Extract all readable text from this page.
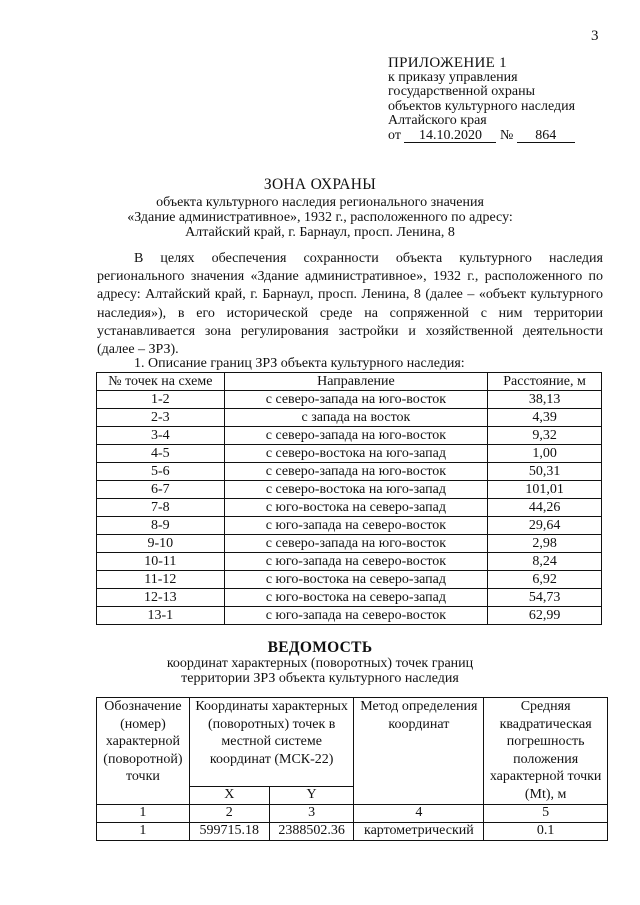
3
ПРИЛОЖЕНИЕ 1
к приказу управления
государственной охраны
объектов культурного наследия
Алтайского края
от 14.10.2020 № 864
ЗОНА ОХРАНЫ
объекта культурного наследия регионального значения
«Здание административное», 1932 г., расположенного по адресу:
Алтайский край, г. Барнаул, просп. Ленина, 8

В целях обеспечения сохранности объекта культурного наследия регионального значения «Здание административное», 1932 г., расположенного по адресу: Алтайский край, г. Барнаул, просп. Ленина, 8 (далее – «объект культурного наследия»), в его исторической среде на сопряженной с ним территории устанавливается зона регулирования застройки и хозяйственной деятельности (далее – ЗРЗ).

1. Описание границ ЗРЗ объекта культурного наследия:
№ точек на схеме	Направление	Расстояние, м
1-2	с северо-запада на юго-восток	38,13
2-3	с запада на восток	4,39
3-4	с северо-запада на юго-восток	9,32
4-5	с северо-востока на юго-запад	1,00
5-6	с северо-запада на юго-восток	50,31
6-7	с северо-востока на юго-запад	101,01
7-8	с юго-востока на северо-запад	44,26
8-9	с юго-запада на северо-восток	29,64
9-10	с северо-запада на юго-восток	2,98
10-11	с юго-запада на северо-восток	8,24
11-12	с юго-востока на северо-запад	6,92
12-13	с юго-востока на северо-запад	54,73
13-1	с юго-запада на северо-восток	62,99
ВЕДОМОСТЬ
координат характерных (поворотных) точек границ
территории ЗРЗ объекта культурного наследия
Обозначение (номер) характерной (поворотной) точки	Координаты характерных (поворотных) точек в местной системе координат (МСК-22)		Метод определения координат	Средняя квадратическая погрешность положения характерной точки (Mt), м
	X	Y		
1	2	3	4	5
1	599715.18	2388502.36	картометрический	0.1
